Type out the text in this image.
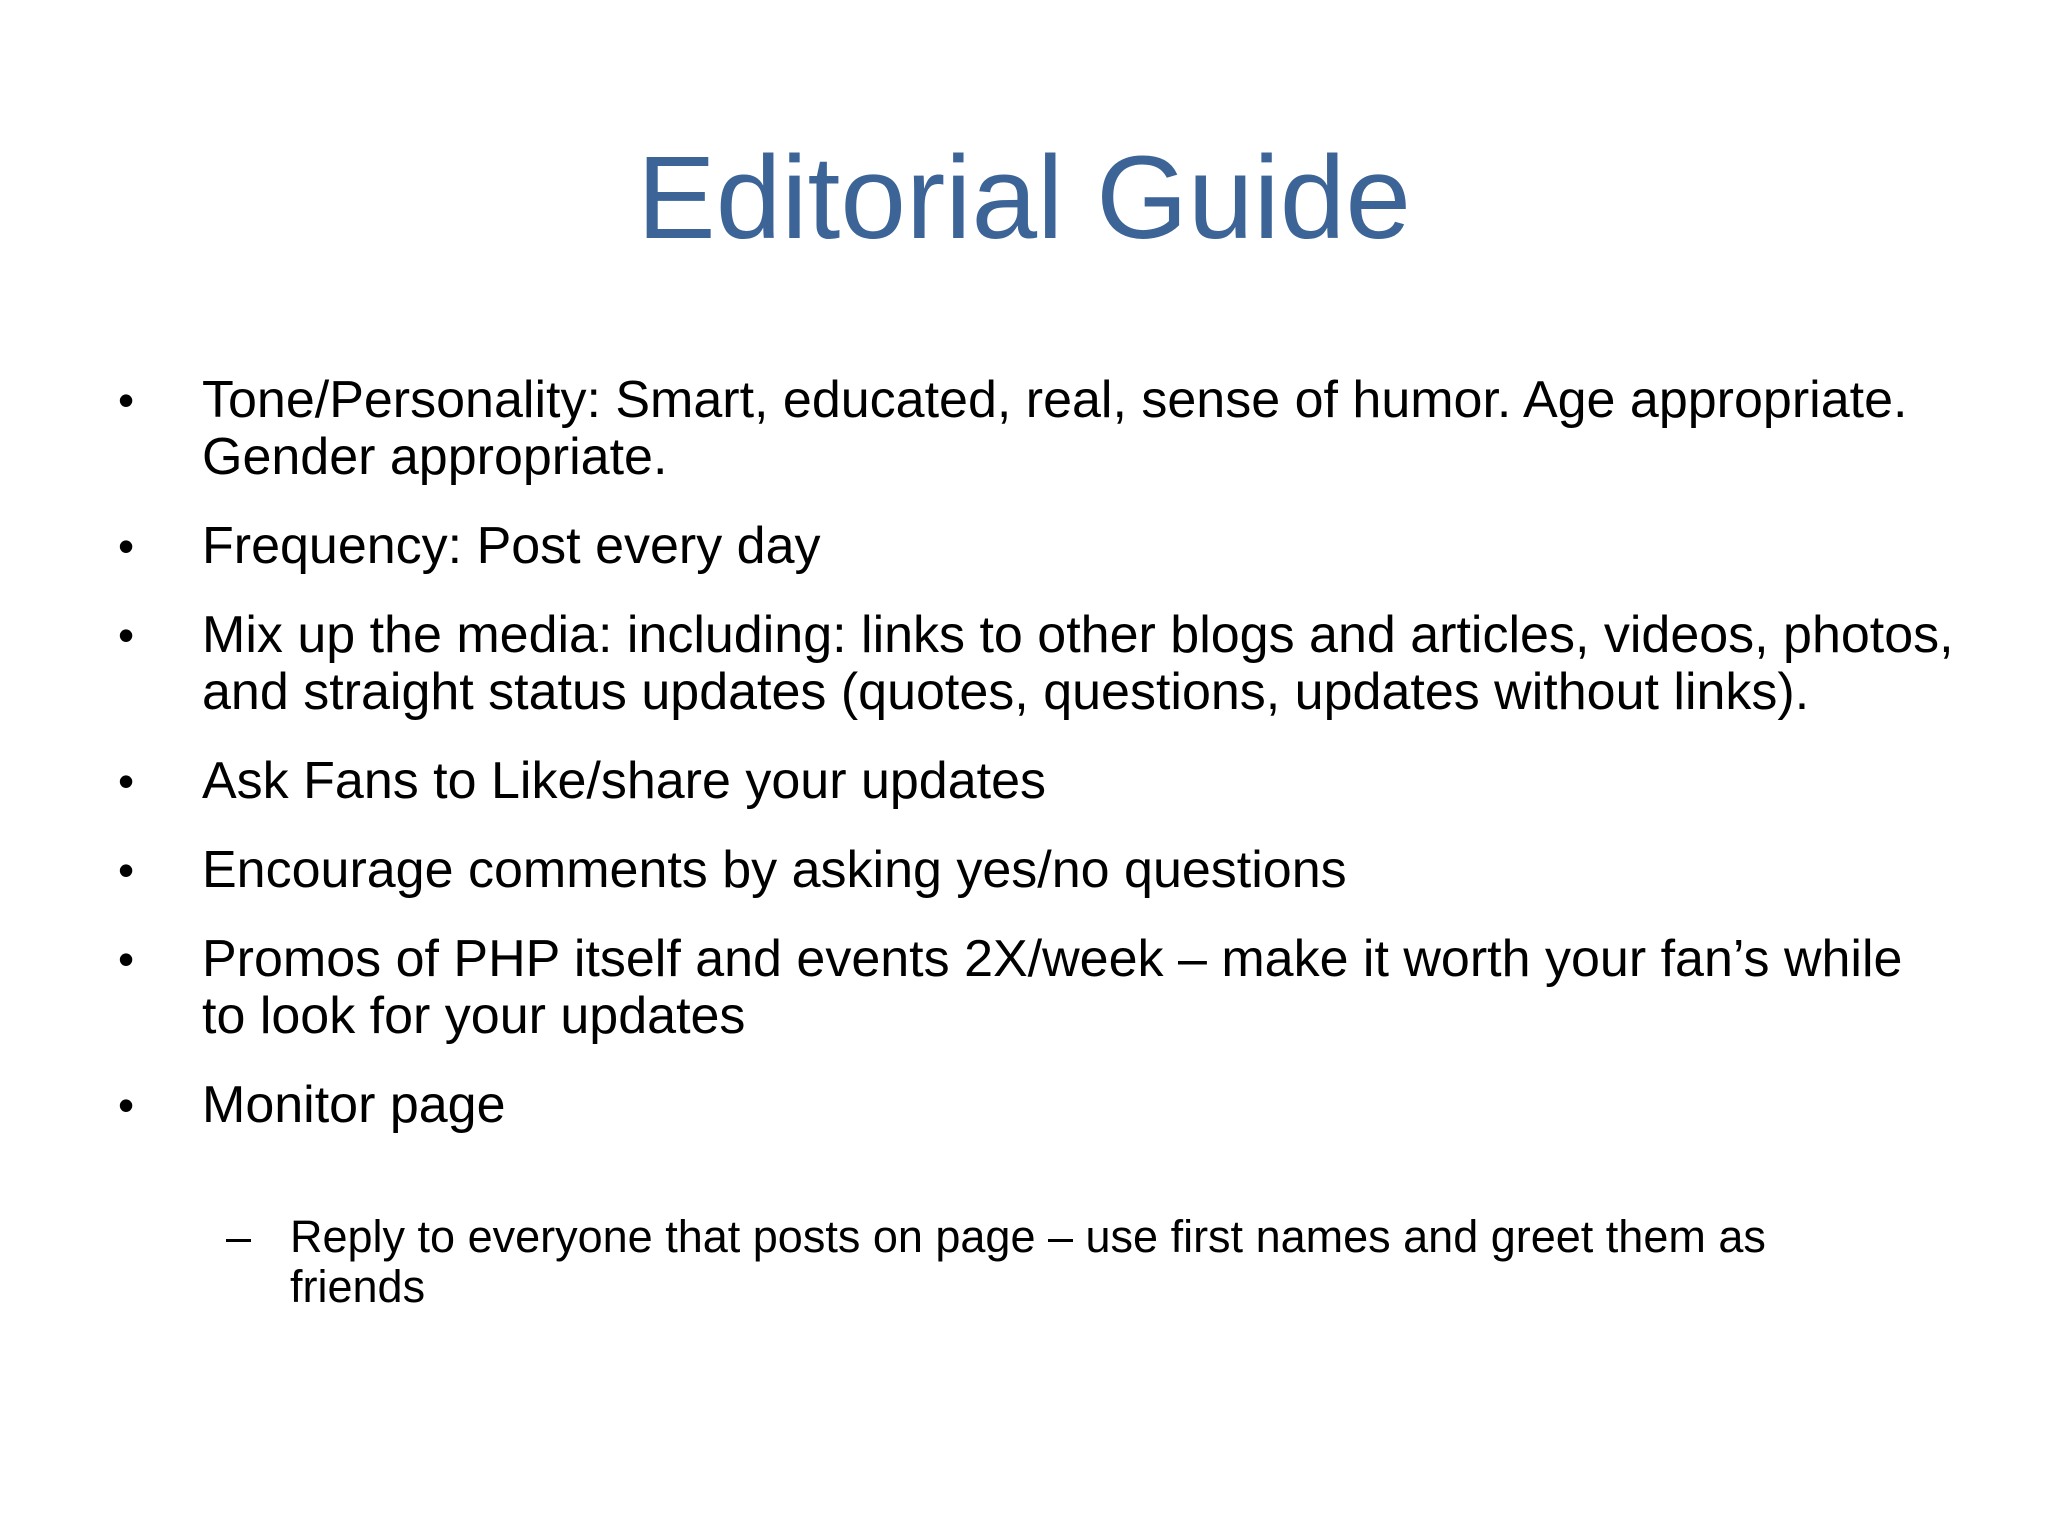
Editorial Guide
•	Tone/Personality: Smart, educated, real, sense of humor. Age appropriate. Gender appropriate.
•	Frequency: Post every day
•	Mix up the media: including: links to other blogs and articles, videos, photos, and straight status updates (quotes, questions, updates without links).
•	Ask Fans to Like/share your updates
•	Encourage comments by asking yes/no questions
•	Promos of PHP itself and events 2X/week – make it worth your fan’s while to look for your updates
•	Monitor page
– Reply to everyone that posts on page – use first names and greet them as friends
